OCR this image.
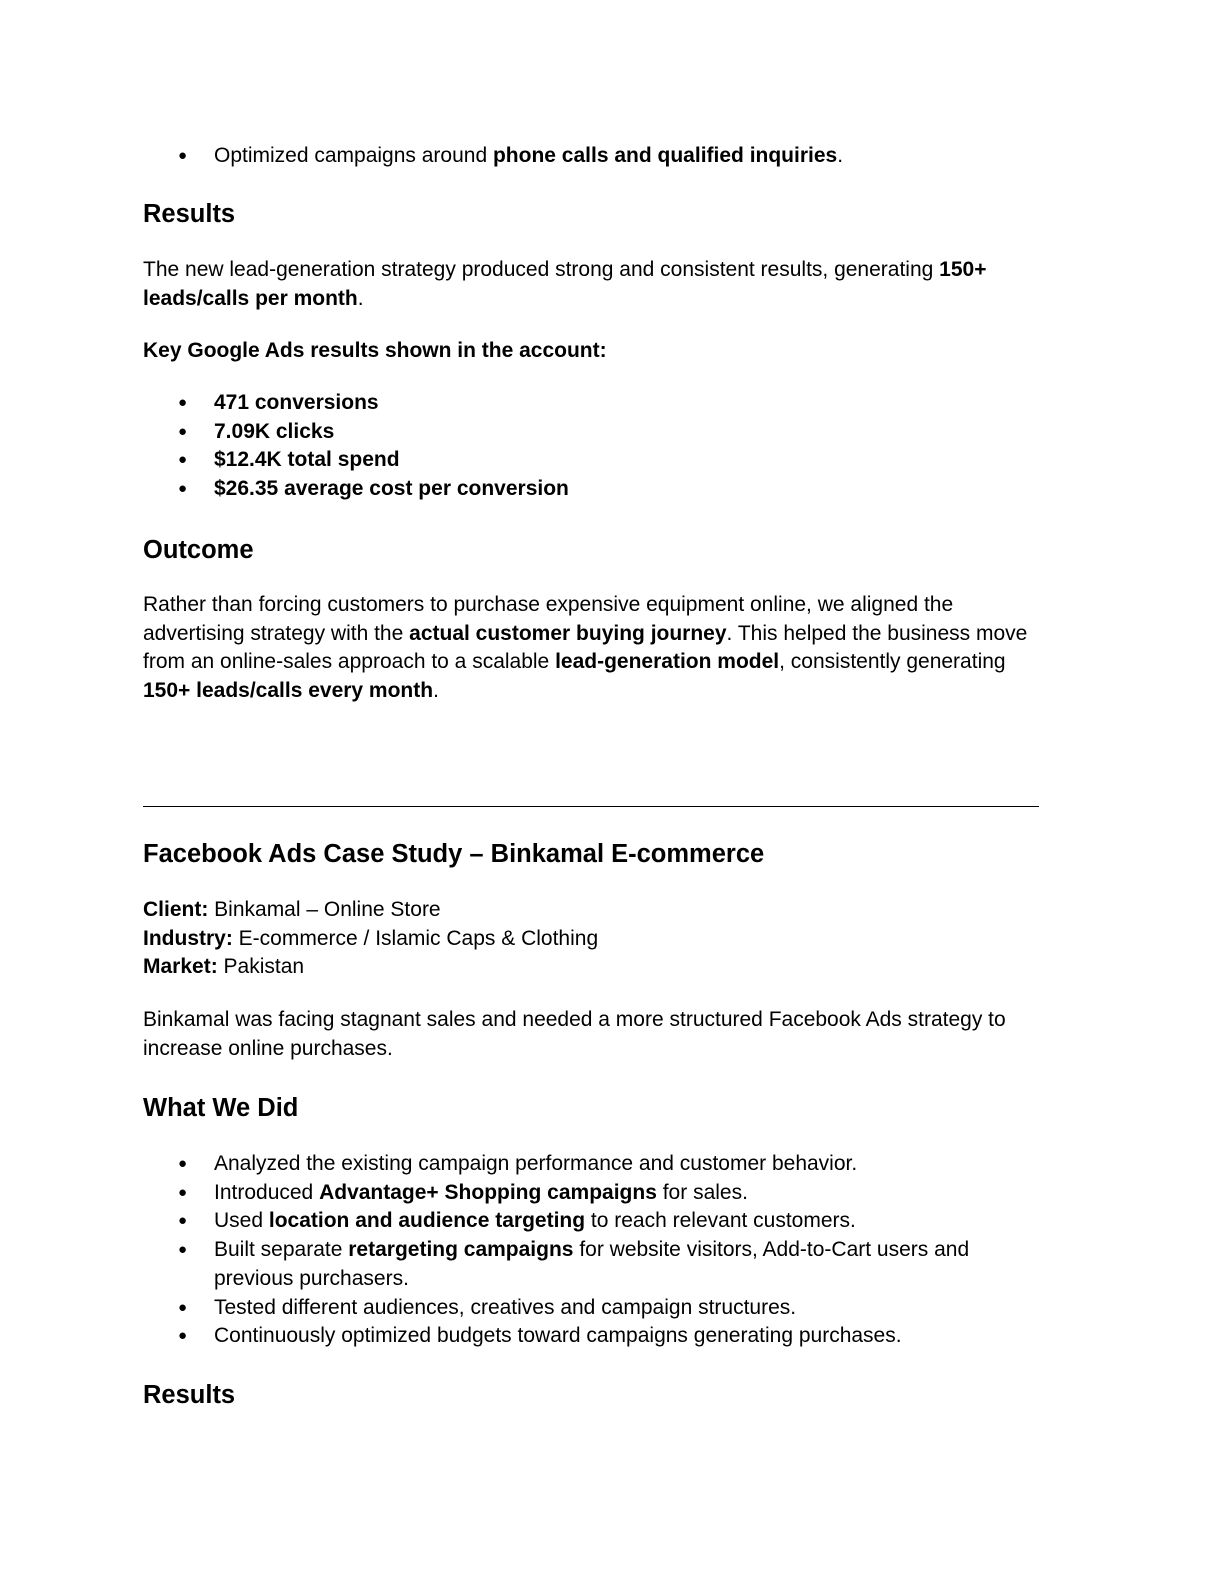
● Optimized campaigns around phone calls and qualified inquiries.
Results

The new lead-generation strategy produced strong and consistent results, generating 150+
leads/calls per month.

Key Google Ads results shown in the account:

● 471 conversions
● 7.09K clicks
● $12.4K total spend
● $26.35 average cost per conversion
Outcome

Rather than forcing customers to purchase expensive equipment online, we aligned the
advertising strategy with the actual customer buying journey. This helped the business move
from an online-sales approach to a scalable lead-generation model, consistently generating
150+ leads/calls every month.

Facebook Ads Case Study – Binkamal E-commerce

Client: Binkamal – Online Store
Industry: E-commerce / Islamic Caps & Clothing
Market: Pakistan

Binkamal was facing stagnant sales and needed a more structured Facebook Ads strategy to
increase online purchases.

What We Did
● Analyzed the existing campaign performance and customer behavior.
● Introduced Advantage+ Shopping campaigns for sales.
● Used location and audience targeting to reach relevant customers.
● Built separate retargeting campaigns for website visitors, Add-to-Cart users and
previous purchasers.
● Tested different audiences, creatives and campaign structures.
● Continuously optimized budgets toward campaigns generating purchases.
Results
